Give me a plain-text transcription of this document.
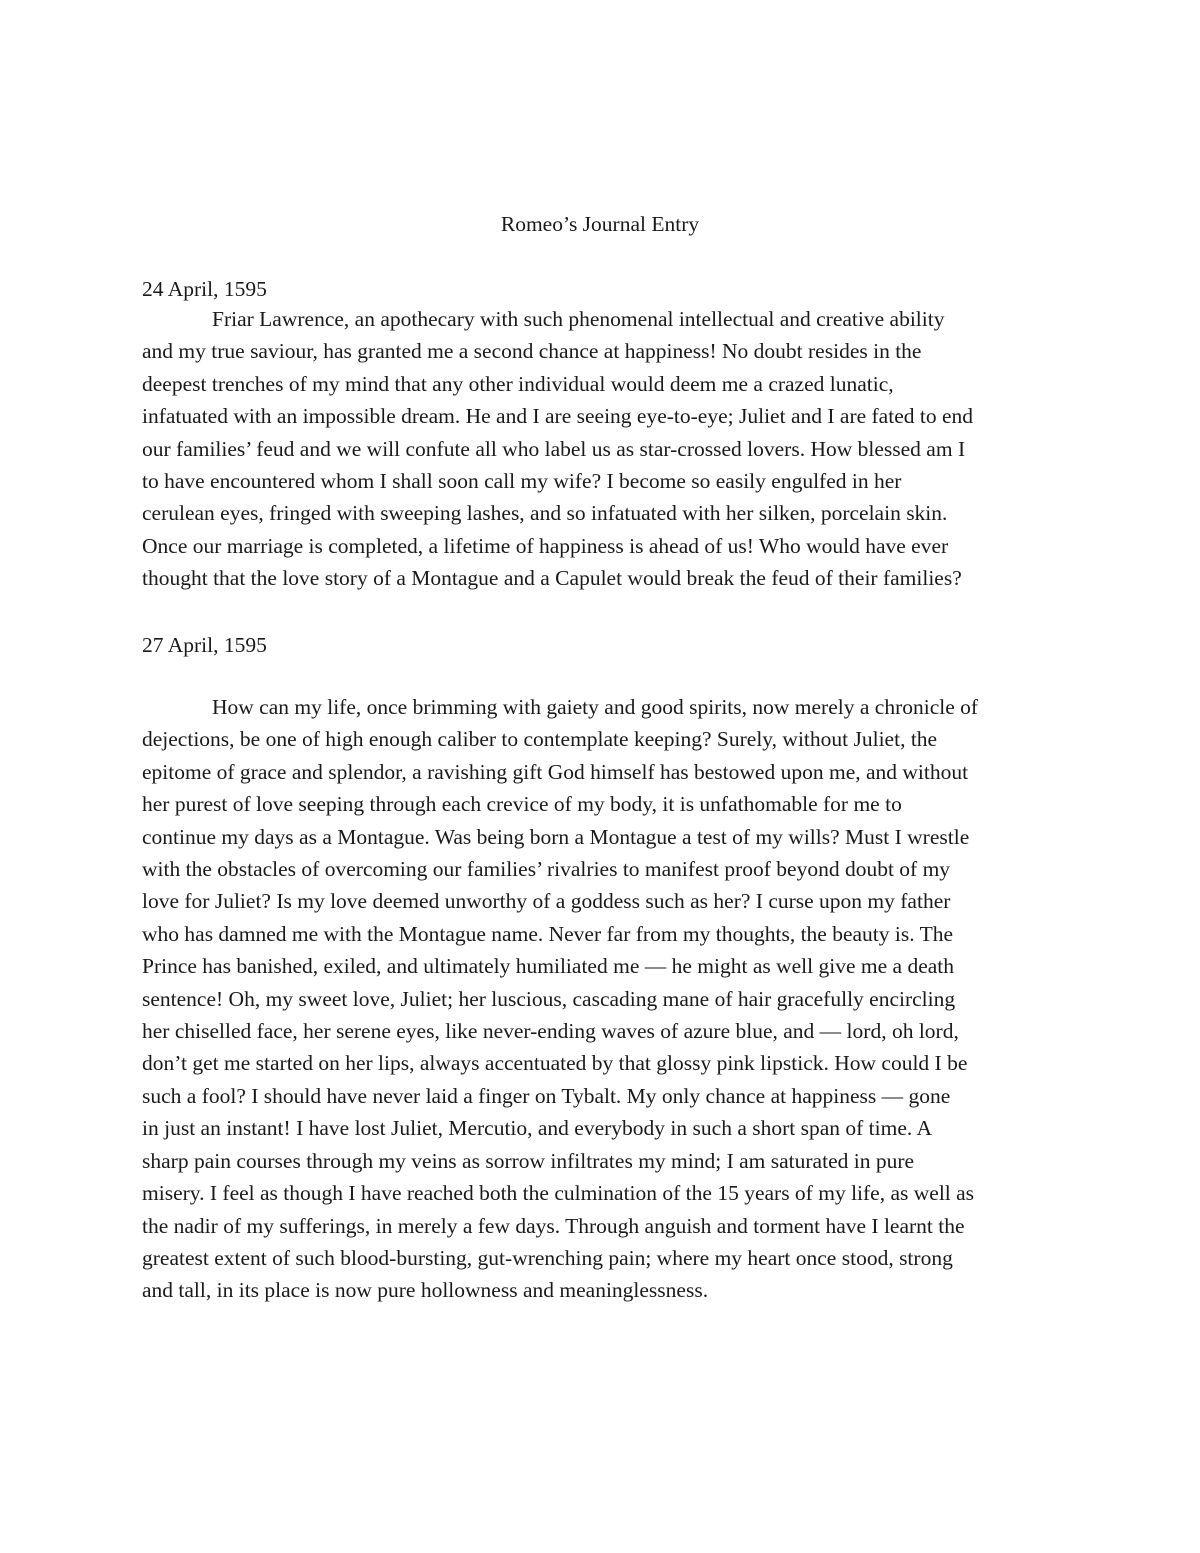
Romeo’s Journal Entry
24 April, 1595

Friar Lawrence, an apothecary with such phenomenal intellectual and creative ability
and my true saviour, has granted me a second chance at happiness! No doubt resides in the
deepest trenches of my mind that any other individual would deem me a crazed lunatic,
infatuated with an impossible dream. He and I are seeing eye-to-eye; Juliet and I are fated to end
our families’ feud and we will confute all who label us as star-crossed lovers. How blessed am I
to have encountered whom I shall soon call my wife? I become so easily engulfed in her
cerulean eyes, fringed with sweeping lashes, and so infatuated with her silken, porcelain skin.
Once our marriage is completed, a lifetime of happiness is ahead of us! Who would have ever
thought that the love story of a Montague and a Capulet would break the feud of their families?

27 April, 1595

How can my life, once brimming with gaiety and good spirits, now merely a chronicle of
dejections, be one of high enough caliber to contemplate keeping? Surely, without Juliet, the
epitome of grace and splendor, a ravishing gift God himself has bestowed upon me, and without
her purest of love seeping through each crevice of my body, it is unfathomable for me to
continue my days as a Montague. Was being born a Montague a test of my wills? Must I wrestle
with the obstacles of overcoming our families’ rivalries to manifest proof beyond doubt of my
love for Juliet? Is my love deemed unworthy of a goddess such as her? I curse upon my father
who has damned me with the Montague name. Never far from my thoughts, the beauty is. The
Prince has banished, exiled, and ultimately humiliated me — he might as well give me a death
sentence! Oh, my sweet love, Juliet; her luscious, cascading mane of hair gracefully encircling
her chiselled face, her serene eyes, like never-ending waves of azure blue, and — lord, oh lord,
don’t get me started on her lips, always accentuated by that glossy pink lipstick. How could I be
such a fool? I should have never laid a finger on Tybalt. My only chance at happiness — gone
in just an instant! I have lost Juliet, Mercutio, and everybody in such a short span of time. A
sharp pain courses through my veins as sorrow infiltrates my mind; I am saturated in pure
misery. I feel as though I have reached both the culmination of the 15 years of my life, as well as
the nadir of my sufferings, in merely a few days. Through anguish and torment have I learnt the
greatest extent of such blood-bursting, gut-wrenching pain; where my heart once stood, strong
and tall, in its place is now pure hollowness and meaninglessness.
